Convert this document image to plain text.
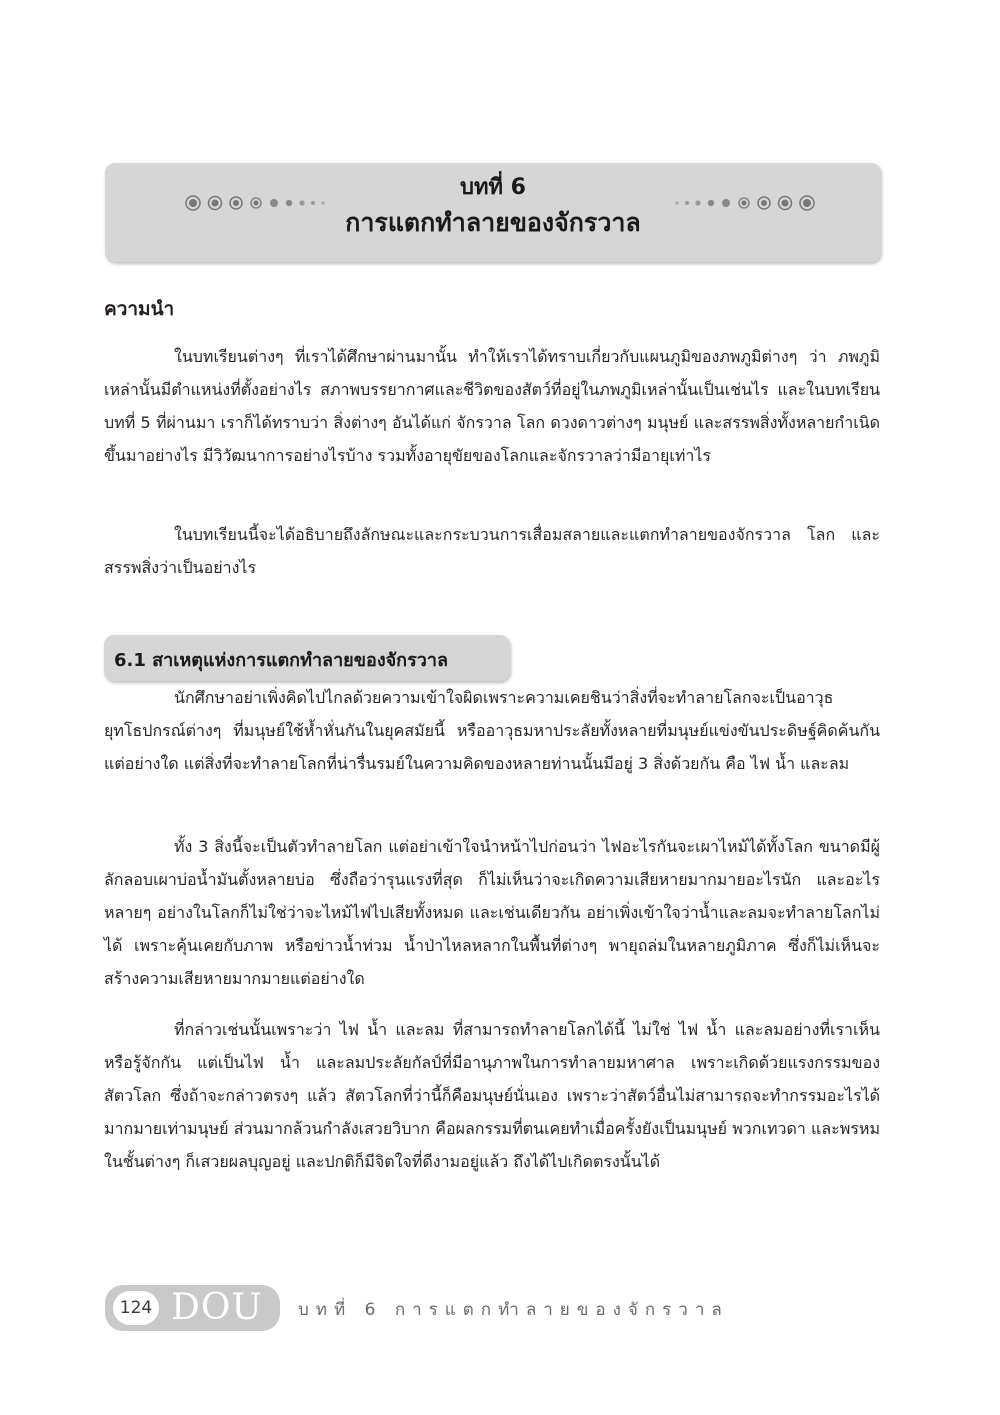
บทที่ 6
การแตกทำลายของจักรวาล
ความนำ

ในบทเรียนต่างๆ ที่เราได้ศึกษาผ่านมานั้น ทำให้เราได้ทราบเกี่ยวกับแผนภูมิของภพภูมิต่างๆ ว่า ภพภูมิเหล่านั้นมีตำแหน่งที่ตั้งอย่างไร สภาพบรรยากาศและชีวิตของสัตว์ที่อยู่ในภพภูมิเหล่านั้นเป็นเช่นไร และในบทเรียนบทที่ 5 ที่ผ่านมา เราก็ได้ทราบว่า สิ่งต่างๆ อันได้แก่ จักรวาล โลก ดวงดาวต่างๆ มนุษย์ และสรรพสิ่งทั้งหลายกำเนิดขึ้นมาอย่างไร มีวิวัฒนาการอย่างไรบ้าง รวมทั้งอายุขัยของโลกและจักรวาลว่ามีอายุเท่าไร

ในบทเรียนนี้จะได้อธิบายถึงลักษณะและกระบวนการเสื่อมสลายและแตกทำลายของจักรวาล โลก และสรรพสิ่งว่าเป็นอย่างไร

6.1 สาเหตุแห่งการแตกทำลายของจักรวาล

นักศึกษาอย่าเพิ่งคิดไปไกลด้วยความเข้าใจผิดเพราะความเคยชินว่าสิ่งที่จะทำลายโลกจะเป็นอาวุธยุทโธปกรณ์ต่างๆ ที่มนุษย์ใช้ห้ำหั่นกันในยุคสมัยนี้ หรืออาวุธมหาประลัยทั้งหลายที่มนุษย์แข่งขันประดิษฐ์คิดค้นกันแต่อย่างใด แต่สิ่งที่จะทำลายโลกที่น่ารื่นรมย์ในความคิดของหลายท่านนั้นมีอยู่ 3 สิ่งด้วยกัน คือ ไฟ น้ำ และลม

ทั้ง 3 สิ่งนี้จะเป็นตัวทำลายโลก แต่อย่าเข้าใจนำหน้าไปก่อนว่า ไฟอะไรกันจะเผาไหม้ได้ทั้งโลก ขนาดมีผู้ลักลอบเผาบ่อน้ำมันตั้งหลายบ่อ ซึ่งถือว่ารุนแรงที่สุด ก็ไม่เห็นว่าจะเกิดความเสียหายมากมายอะไรนัก และอะไรหลายๆ อย่างในโลกก็ไม่ใช่ว่าจะไหม้ไฟไปเสียทั้งหมด และเช่นเดียวกัน อย่าเพิ่งเข้าใจว่าน้ำและลมจะทำลายโลกไม่ได้ เพราะคุ้นเคยกับภาพ หรือข่าวน้ำท่วม น้ำป่าไหลหลากในพื้นที่ต่างๆ พายุถล่มในหลายภูมิภาค ซึ่งก็ไม่เห็นจะสร้างความเสียหายมากมายแต่อย่างใด

ที่กล่าวเช่นนั้นเพราะว่า ไฟ น้ำ และลม ที่สามารถทำลายโลกได้นี้ ไม่ใช่ ไฟ น้ำ และลมอย่างที่เราเห็นหรือรู้จักกัน แต่เป็นไฟ น้ำ และลมประลัยกัลป์ที่มีอานุภาพในการทำลายมหาศาล เพราะเกิดด้วยแรงกรรมของสัตวโลก ซึ่งถ้าจะกล่าวตรงๆ แล้ว สัตวโลกที่ว่านี้ก็คือมนุษย์นั่นเอง เพราะว่าสัตว์อื่นไม่สามารถจะทำกรรมอะไรได้มากมายเท่ามนุษย์ ส่วนมากล้วนกำลังเสวยวิบาก คือผลกรรมที่ตนเคยทำเมื่อครั้งยังเป็นมนุษย์ พวกเทวดา และพรหมในชั้นต่างๆ ก็เสวยผลบุญอยู่ และปกติก็มีจิตใจที่ดีงามอยู่แล้ว ถึงได้ไปเกิดตรงนั้นได้

124 DOU บทที่ 6 การแตกทำลายของจักรวาล
